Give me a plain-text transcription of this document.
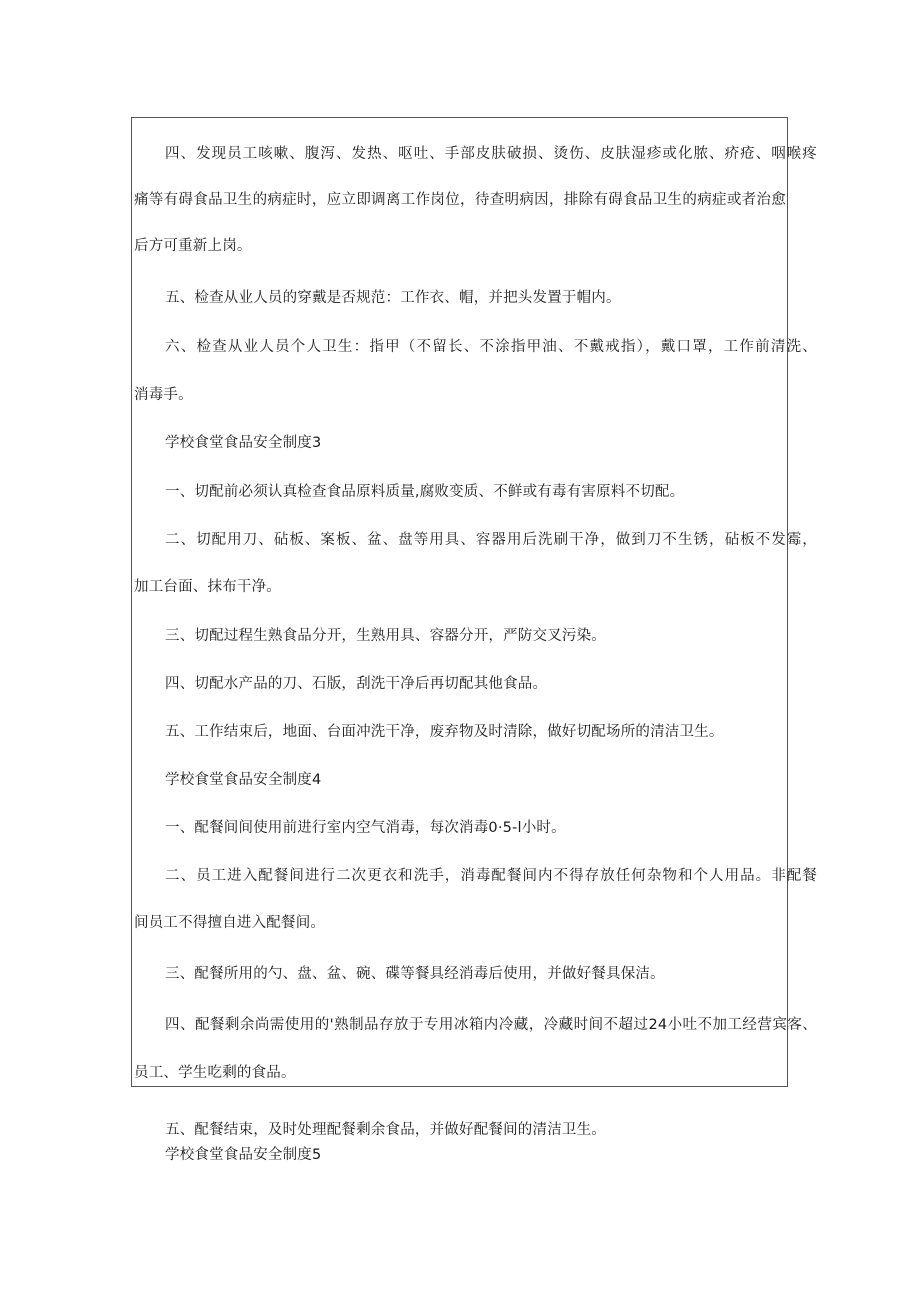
四、发现员工咳嗽、腹泻、发热、呕吐、手部皮肤破损、烫伤、皮肤湿疹或化脓、疥疮、咽喉疼
痛等有碍食品卫生的病症时，应立即调离工作岗位，待查明病因，排除有碍食品卫生的病症或者治愈
后方可重新上岗。
五、检查从业人员的穿戴是否规范：工作衣、帽，并把头发置于帽内。
六、检查从业人员个人卫生：指甲（不留长、不涂指甲油、不戴戒指），戴口罩，工作前清洗、
消毒手。
学校食堂食品安全制度3
一、切配前必须认真检查食品原料质量,腐败变质、不鲜或有毒有害原料不切配。
二、切配用刀、砧板、案板、盆、盘等用具、容器用后洗刷干净，做到刀不生锈，砧板不发霉，
加工台面、抹布干净。
三、切配过程生熟食品分开，生熟用具、容器分开，严防交叉污染。
四、切配水产品的刀、石版，刮洗干净后再切配其他食品。
五、工作结束后，地面、台面冲洗干净，废弃物及时清除，做好切配场所的清洁卫生。
学校食堂食品安全制度4
一、配餐间间使用前进行室内空气消毒，每次消毒0·5-l小时。
二、员工进入配餐间进行二次更衣和洗手，消毒配餐间内不得存放任何杂物和个人用品。非配餐
间员工不得擅自进入配餐间。
三、配餐所用的勺、盘、盆、碗、碟等餐具经消毒后使用，并做好餐具保洁。
四、配餐剩余尚需使用的'熟制品存放于专用冰箱内冷藏，冷藏时间不超过24小吐不加工经营宾客、
员工、学生吃剩的食品。
五、配餐结束，及时处理配餐剩余食品，并做好配餐间的清洁卫生。
学校食堂食品安全制度5
